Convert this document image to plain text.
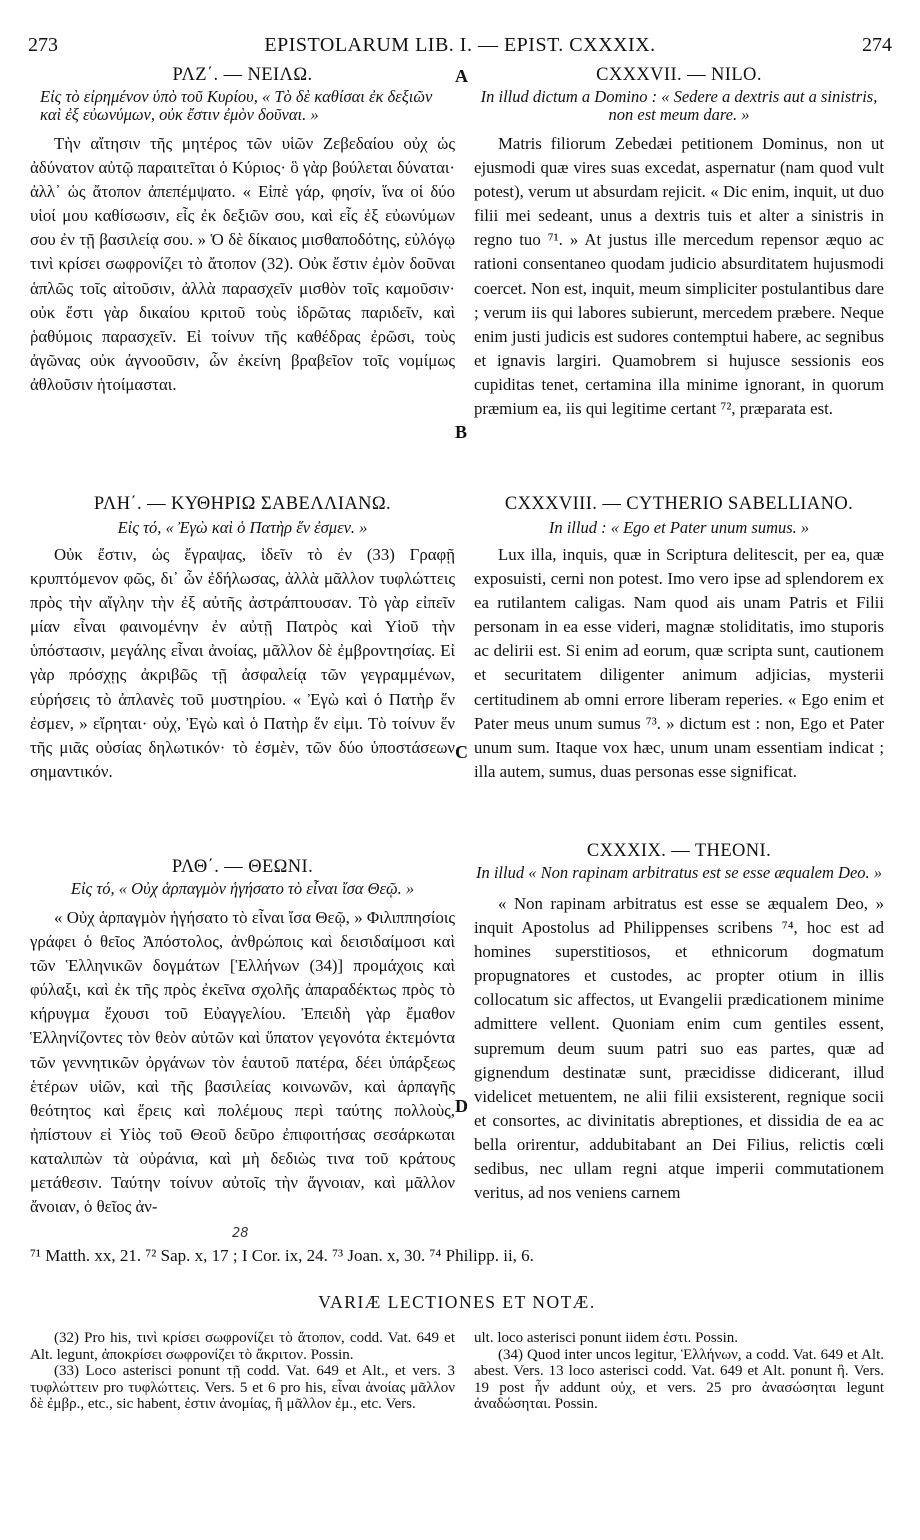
273	EPISTOLARUM LIB. I. — EPIST. CXXXIX.	274
A
B
C
D
ΡΛΖ΄. — ΝΕΙΛΩ.
Εἰς τὸ εἰρημένον ὑπὸ τοῦ Κυρίου, « Τὸ δὲ καθίσαι ἐκ δεξιῶν καὶ ἐξ εὐωνύμων, οὐκ ἔστιν ἐμὸν δοῦναι. »

Τὴν αἴτησιν τῆς μητέρος τῶν υἱῶν Ζεβεδαίου οὐχ ὡς ἀδύνατον αὐτῷ παραιτεῖται ὁ Κύριος· ὃ γὰρ βούλεται δύναται· ἀλλ᾽ ὡς ἄτοπον ἀπεπέμψατο. « Εἰπὲ γάρ, φησίν, ἵνα οἱ δύο υἱοί μου καθίσωσιν, εἷς ἐκ δεξιῶν σου, καὶ εἷς ἐξ εὐωνύμων σου ἐν τῇ βασιλείᾳ σου. » Ὁ δὲ δίκαιος μισθαποδότης, εὐλόγῳ τινὶ κρίσει σωφρονίζει τὸ ἄτοπον (32). Οὐκ ἔστιν ἐμὸν δοῦναι ἁπλῶς τοῖς αἰτοῦσιν, ἀλλὰ παρασχεῖν μισθὸν τοῖς καμοῦσιν· οὐκ ἔστι γὰρ δικαίου κριτοῦ τοὺς ἱδρῶτας παριδεῖν, καὶ ῥαθύμοις παρασχεῖν. Εἰ τοίνυν τῆς καθέδρας ἐρῶσι, τοὺς ἀγῶνας οὐκ ἀγνοοῦσιν, ὧν ἐκείνη βραβεῖον τοῖς νομίμως ἀθλοῦσιν ἡτοίμασται.

CXXXVII. — NILO.
In illud dictum a Domino : « Sedere a dextris aut a sinistris, non est meum dare. »

Matris filiorum Zebedæi petitionem Dominus, non ut ejusmodi quæ vires suas excedat, aspernatur (nam quod vult potest), verum ut absurdam rejicit. « Dic enim, inquit, ut duo filii mei sedeant, unus a dextris tuis et alter a sinistris in regno tuo ⁷¹. » At justus ille mercedum repensor æquo ac rationi consentaneo quodam judicio absurditatem hujusmodi coercet. Non est, inquit, meum simpliciter postulantibus dare ; verum iis qui labores subierunt, mercedem præbere. Neque enim justi judicis est sudores contemptui habere, ac segnibus et ignavis largiri. Quamobrem si hujusce sessionis eos cupiditas tenet, certamina illa minime ignorant, in quorum præmium ea, iis qui legitime certant ⁷², præparata est.

ΡΛΗ΄. — ΚΥΘΗΡΙΩ ΣΑΒΕΛΛΙΑΝΩ.
Εἰς τό, « Ἐγὼ καὶ ὁ Πατὴρ ἕν ἐσμεν. »

Οὐκ ἔστιν, ὡς ἔγραψας, ἰδεῖν τὸ ἐν (33) Γραφῇ κρυπτόμενον φῶς, δι᾽ ὧν ἐδήλωσας, ἀλλὰ μᾶλλον τυφλώττεις πρὸς τὴν αἴγλην τὴν ἐξ αὐτῆς ἀστράπτουσαν. Τὸ γὰρ εἰπεῖν μίαν εἶναι φαινομένην ἐν αὐτῇ Πατρὸς καὶ Υἱοῦ τὴν ὑπόστασιν, μεγάλης εἶναι ἀνοίας, μᾶλλον δὲ ἐμβροντησίας. Εἰ γὰρ πρόσχῃς ἀκριβῶς τῇ ἀσφαλείᾳ τῶν γεγραμμένων, εὑρήσεις τὸ ἀπλανὲς τοῦ μυστηρίου. « Ἐγὼ καὶ ὁ Πατὴρ ἕν ἐσμεν, » εἴρηται· οὐχ, Ἐγὼ καὶ ὁ Πατὴρ ἕν εἰμι. Τὸ τοίνυν ἕν τῆς μιᾶς οὐσίας δηλωτικόν· τὸ ἐσμὲν, τῶν δύο ὑποστάσεων σημαντικόν.

CXXXVIII. — CYTHERIO SABELLIANO.
In illud : « Ego et Pater unum sumus. »

Lux illa, inquis, quæ in Scriptura delitescit, per ea, quæ exposuisti, cerni non potest. Imo vero ipse ad splendorem ex ea rutilantem caligas. Nam quod ais unam Patris et Filii personam in ea esse videri, magnæ stoliditatis, imo stuporis ac delirii est. Si enim ad eorum, quæ scripta sunt, cautionem et securitatem diligenter animum adjicias, mysterii certitudinem ab omni errore liberam reperies. « Ego enim et Pater meus unum sumus ⁷³. » dictum est : non, Ego et Pater unum sum. Itaque vox hæc, unum unam essentiam indicat ; illa autem, sumus, duas personas esse significat.

ΡΛΘ΄. — ΘΕΩΝΙ.
Εἰς τό, « Οὐχ ἁρπαγμὸν ἡγήσατο τὸ εἶναι ἴσα Θεῷ. »

« Οὐχ ἁρπαγμὸν ἡγήσατο τὸ εἶναι ἴσα Θεῷ, » Φιλιππησίοις γράφει ὁ θεῖος Ἀπόστολος, ἀνθρώποις καὶ δεισιδαίμοσι καὶ τῶν Ἑλληνικῶν δογμάτων [Ἑλλήνων (34)] προμάχοις καὶ φύλαξι, καὶ ἐκ τῆς πρὸς ἐκεῖνα σχολῆς ἀπαραδέκτως πρὸς τὸ κήρυγμα ἔχουσι τοῦ Εὐαγγελίου. Ἐπειδὴ γὰρ ἔμαθον Ἑλληνίζοντες τὸν θεὸν αὐτῶν καὶ ὕπατον γεγονότα ἐκτεμόντα τῶν γεννητικῶν ὀργάνων τὸν ἑαυτοῦ πατέρα, δέει ὑπάρξεως ἑτέρων υἱῶν, καὶ τῆς βασιλείας κοινωνῶν, καὶ ἁρπαγῆς θεότητος καὶ ἔρεις καὶ πολέμους περὶ ταύτης πολλοὺς, ἠπίστουν εἰ Υἱὸς τοῦ Θεοῦ δεῦρο ἐπιφοιτήσας σεσάρκωται καταλιπὼν τὰ οὐράνια, καὶ μὴ δεδιὼς τινα τοῦ κράτους μετάθεσιν. Ταύτην τοίνυν αὐτοῖς τὴν ἄγνοιαν, καὶ μᾶλλον ἄνοιαν, ὁ θεῖος ἀν-

CXXXIX. — THEONI.
In illud « Non rapinam arbitratus est se esse æqualem Deo. »

« Non rapinam arbitratus est esse se æqualem Deo, » inquit Apostolus ad Philippenses scribens ⁷⁴, hoc est ad homines superstitiosos, et ethnicorum dogmatum propugnatores et custodes, ac propter otium in illis collocatum sic affectos, ut Evangelii prædicationem minime admittere vellent. Quoniam enim cum gentiles essent, supremum deum suum patri suo eas partes, quæ ad gignendum destinatæ sunt, præcidisse didicerant, illud videlicet metuentem, ne alii filii exsisterent, regnique socii et consortes, ac divinitatis abreptiones, et dissidia de ea ac bella orirentur, addubitabant an Dei Filius, relictis cœli sedibus, nec ullam regni atque imperii commutationem veritus, ad nos veniens carnem

28
⁷¹ Matth. xx, 21. ⁷² Sap. x, 17 ; I Cor. ix, 24. ⁷³ Joan. x, 30. ⁷⁴ Philipp. ii, 6.
VARIÆ LECTIONES ET NOTÆ.

(32) Pro his, τινὶ κρίσει σωφρονίζει τὸ ἄτοπον, codd. Vat. 649 et Alt. legunt, ἀποκρίσει σωφρονίζει τὸ ἄκριτον. Possin.

(33) Loco asterisci ponunt τῇ codd. Vat. 649 et Alt., et vers. 3 τυφλώττειν pro τυφλώττεις. Vers. 5 et 6 pro his, εἶναι ἀνοίας μᾶλλον δὲ ἐμβρ., etc., sic habent, ἐστιν ἀνομίας, ἢ μᾶλλον ἐμ., etc. Vers.

ult. loco asterisci ponunt iidem ἐστι. Possin.

(34) Quod inter uncos legitur, Ἑλλήνων, a codd. Vat. 649 et Alt. abest. Vers. 13 loco asterisci codd. Vat. 649 et Alt. ponunt ἢ. Vers. 19 post ἦν addunt οὐχ, et vers. 25 pro ἀνασώσηται legunt ἀναδώσηται. Possin.
